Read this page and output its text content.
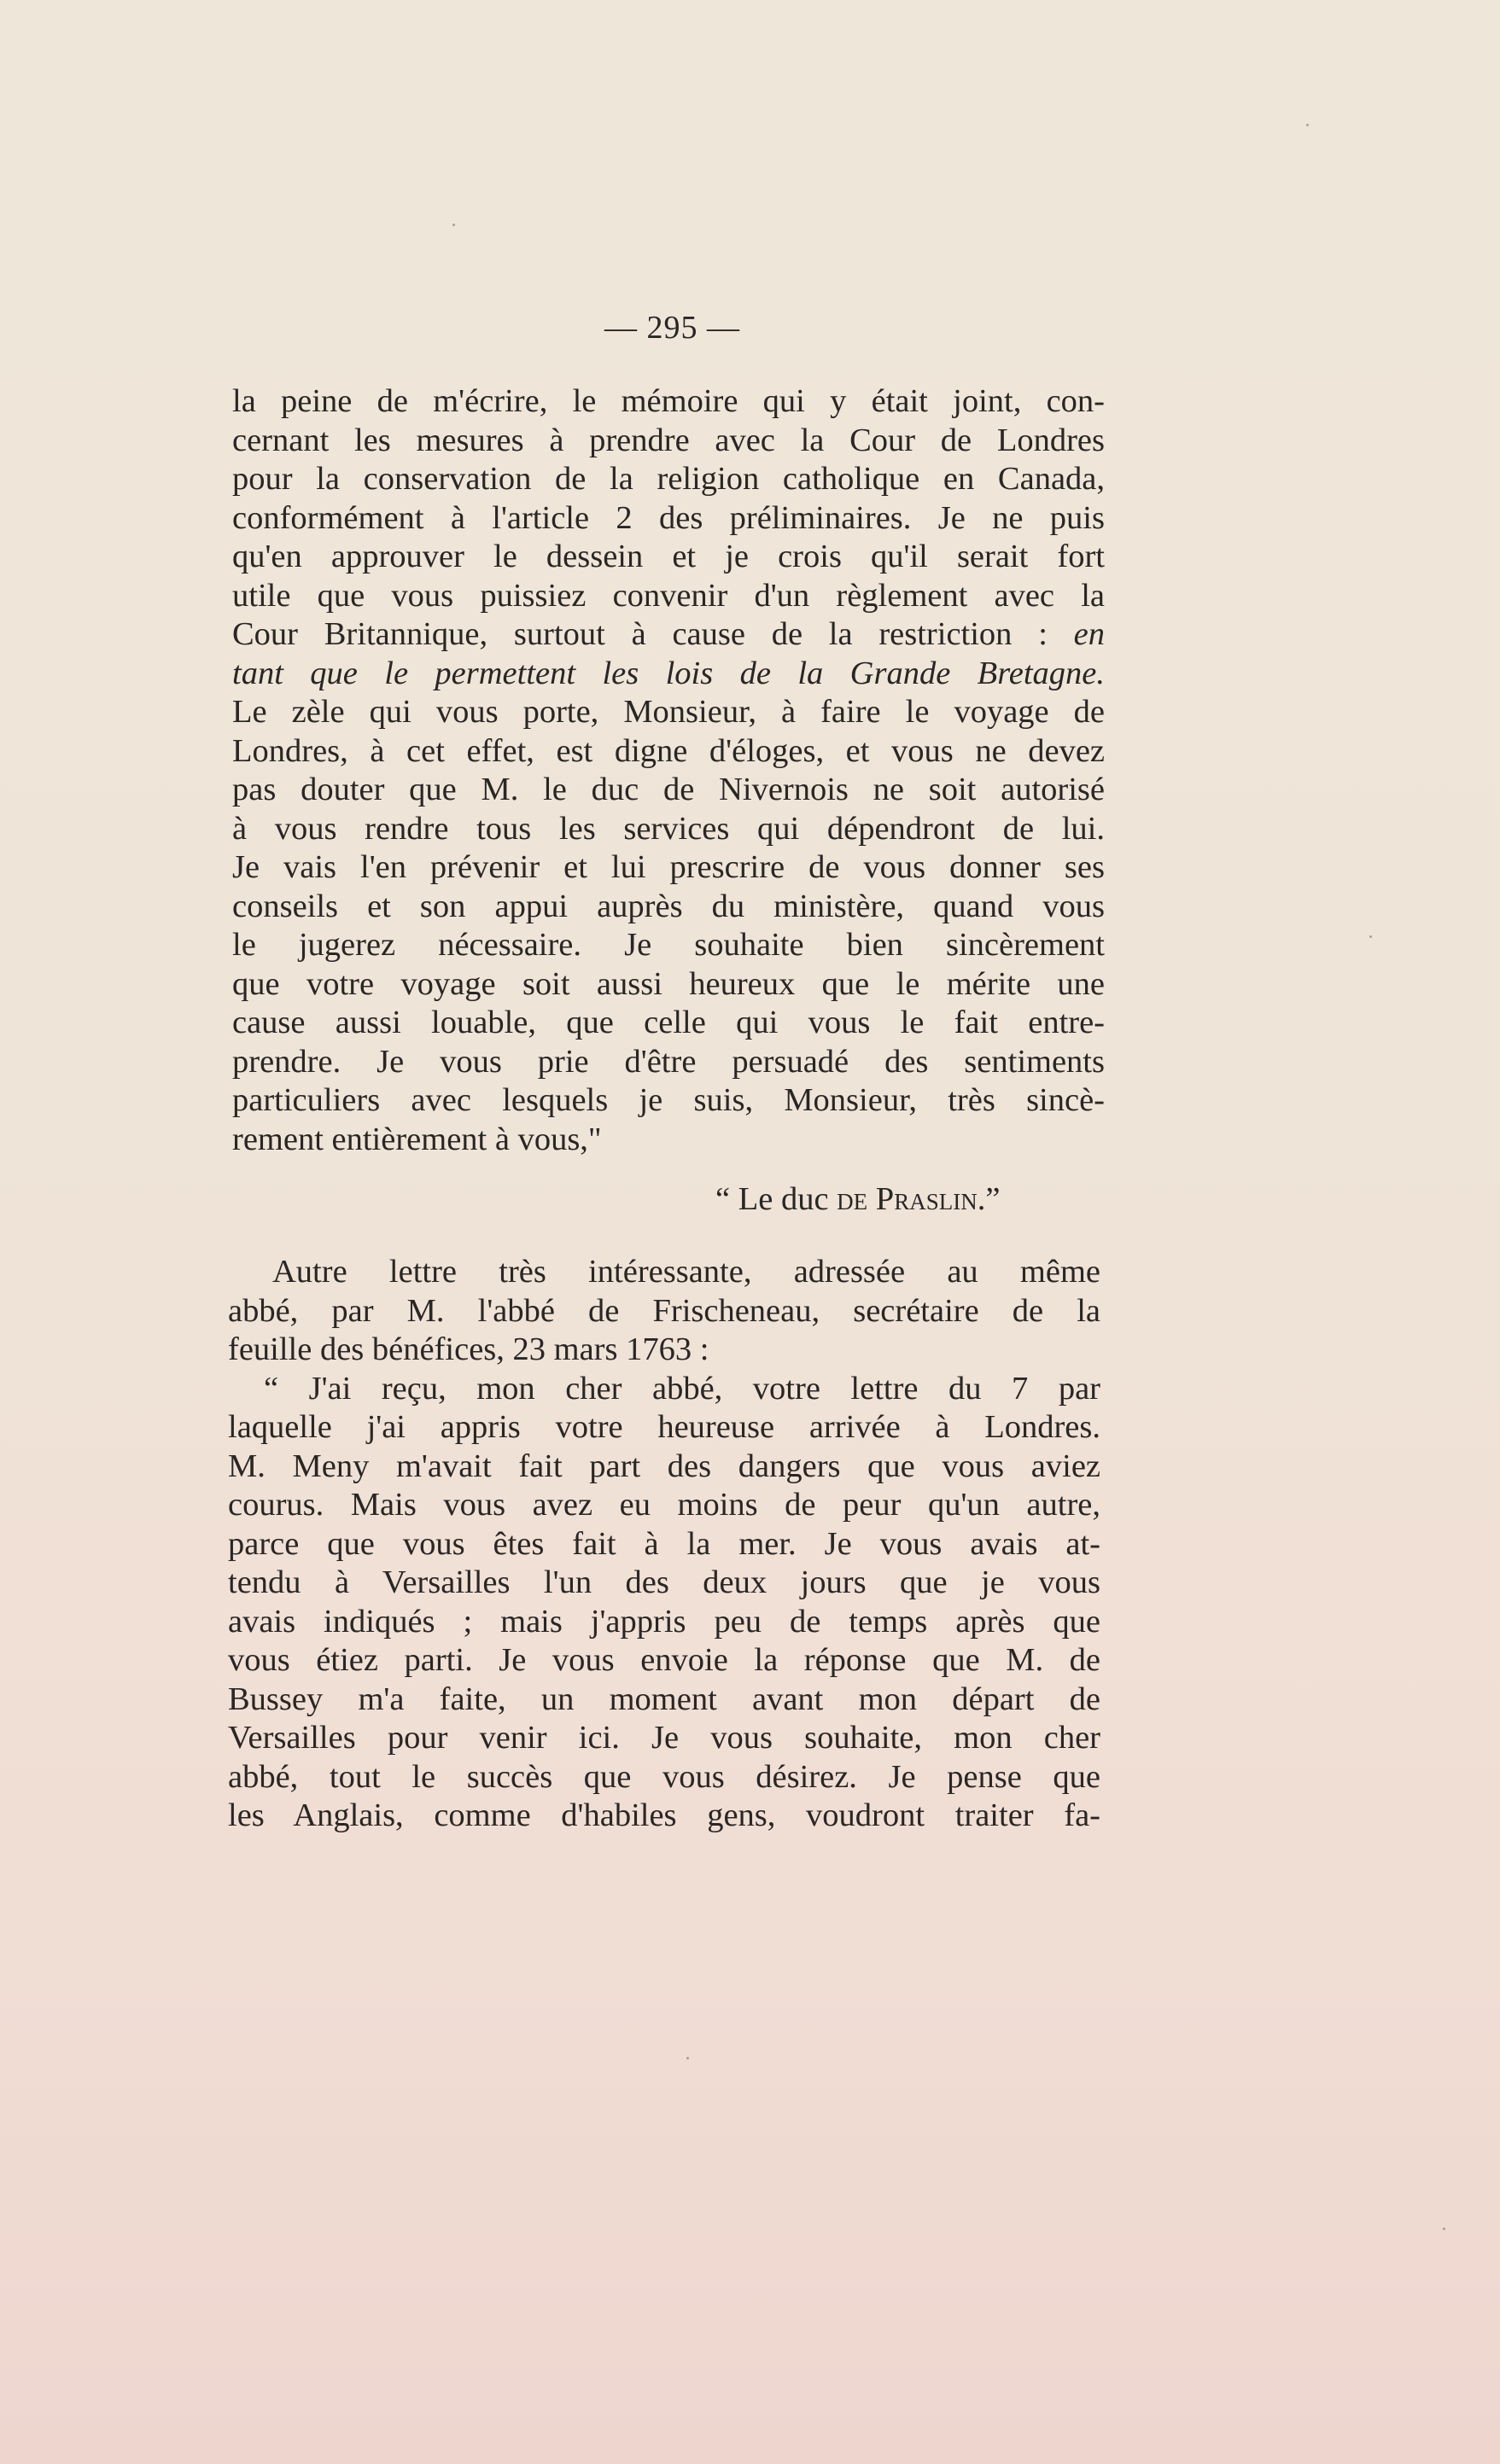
— 295 —
la peine de m'écrire, le mémoire qui y était joint, con-
cernant les mesures à prendre avec la Cour de Londres
pour la conservation de la religion catholique en Canada,
conformément à l'article 2 des préliminaires. Je ne puis
qu'en approuver le dessein et je crois qu'il serait fort
utile que vous puissiez convenir d'un règlement avec la
Cour Britannique, surtout à cause de la restriction : en
tant que le permettent les lois de la Grande Bretagne.
Le zèle qui vous porte, Monsieur, à faire le voyage de
Londres, à cet effet, est digne d'éloges, et vous ne devez
pas douter que M. le duc de Nivernois ne soit autorisé
à vous rendre tous les services qui dépendront de lui.
Je vais l'en prévenir et lui prescrire de vous donner ses
conseils et son appui auprès du ministère, quand vous
le jugerez nécessaire. Je souhaite bien sincèrement
que votre voyage soit aussi heureux que le mérite une
cause aussi louable, que celle qui vous le fait entre-
prendre. Je vous prie d'être persuadé des sentiments
particuliers avec lesquels je suis, Monsieur, très sincè-
rement entièrement à vous,"
“ Le duc de Praslin.”
Autre lettre très intéressante, adressée au même
abbé, par M. l'abbé de Frischeneau, secrétaire de la
feuille des bénéfices, 23 mars 1763 :
“ J'ai reçu, mon cher abbé, votre lettre du 7 par
laquelle j'ai appris votre heureuse arrivée à Londres.
M. Meny m'avait fait part des dangers que vous aviez
courus. Mais vous avez eu moins de peur qu'un autre,
parce que vous êtes fait à la mer. Je vous avais at-
tendu à Versailles l'un des deux jours que je vous
avais indiqués ; mais j'appris peu de temps après que
vous étiez parti. Je vous envoie la réponse que M. de
Bussey m'a faite, un moment avant mon départ de
Versailles pour venir ici. Je vous souhaite, mon cher
abbé, tout le succès que vous désirez. Je pense que
les Anglais, comme d'habiles gens, voudront traiter fa-
